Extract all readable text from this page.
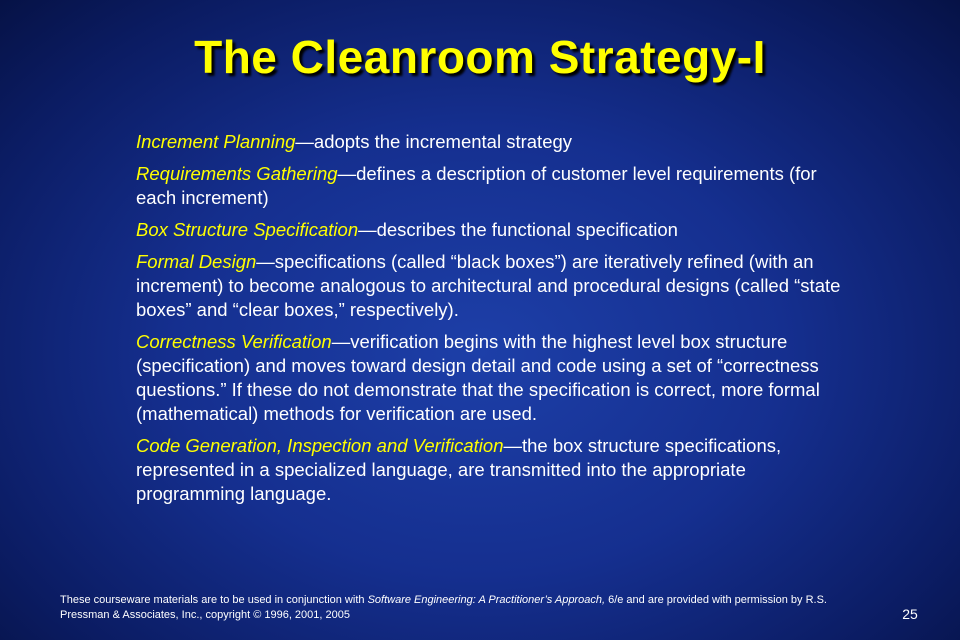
The Cleanroom Strategy-I
Increment Planning—adopts the incremental strategy
Requirements Gathering—defines a description of customer level requirements (for each increment)
Box Structure Specification—describes the functional specification
Formal Design—specifications (called “black boxes”) are iteratively refined (with an increment) to become analogous to architectural and procedural designs (called “state boxes” and “clear boxes,” respectively).
Correctness Verification—verification begins with the highest level box structure (specification) and moves toward design detail and code using a set of “correctness questions.” If these do not demonstrate that the specification is correct, more formal (mathematical) methods for verification are used.
Code Generation, Inspection and Verification—the box structure specifications, represented in a specialized language, are transmitted into the appropriate programming language.
These courseware materials are to be used in conjunction with Software Engineering: A Practitioner’s Approach, 6/e and are provided with permission by R.S. Pressman & Associates, Inc., copyright © 1996, 2001, 2005	25
